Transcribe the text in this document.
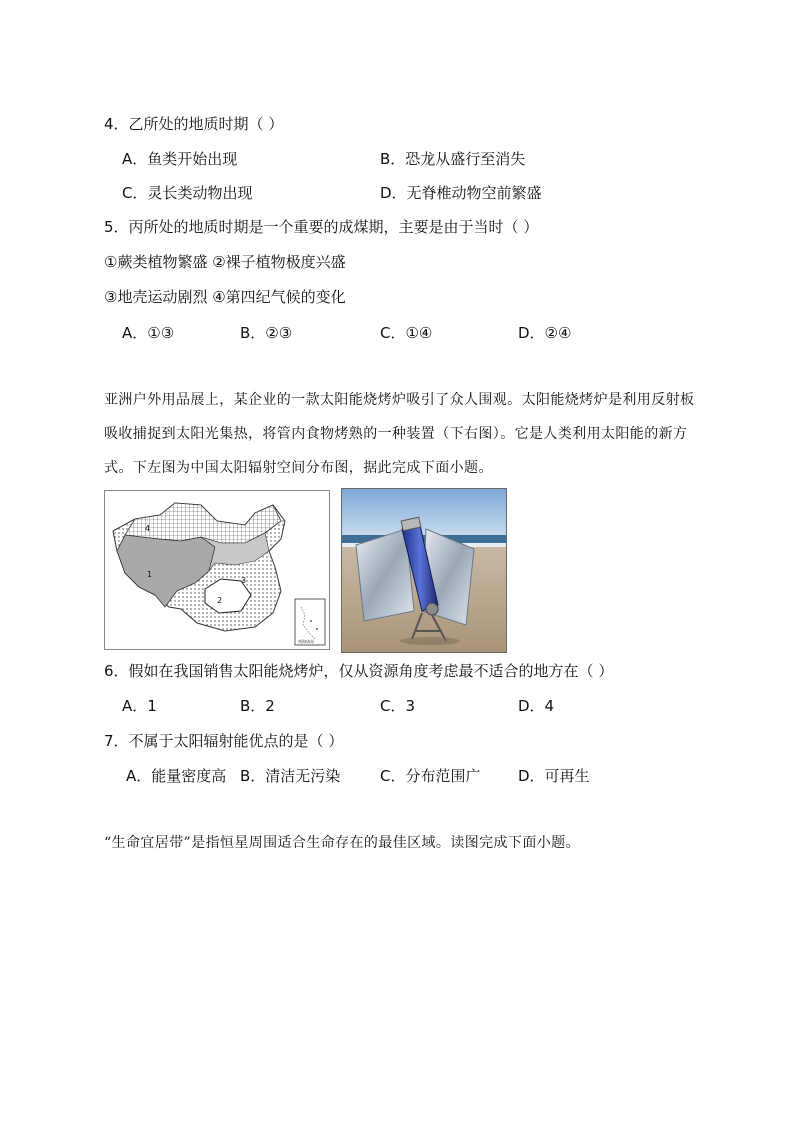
4．乙所处的地质时期（ ）
A．鱼类开始出现	B．恐龙从盛行至消失
C．灵长类动物出现	D．无脊椎动物空前繁盛
5．丙所处的地质时期是一个重要的成煤期，主要是由于当时（ ）
①蕨类植物繁盛 ②裸子植物极度兴盛
③地壳运动剧烈 ④第四纪气候的变化
A．①③	B．②③	C．①④	D．②④
亚洲户外用品展上，某企业的一款太阳能烧烤炉吸引了众人围观。太阳能烧烤炉是利用反射板吸收捕捉到太阳光集热，将管内食物烤熟的一种装置（下右图）。它是人类利用太阳能的新方式。下左图为中国太阳辐射空间分布图，据此完成下面小题。
1
2
3
4
南海诸岛
6．假如在我国销售太阳能烧烤炉，仅从资源角度考虑最不适合的地方在（ ）
A．1	B．2	C．3	D．4
7．不属于太阳辐射能优点的是（ ）
A．能量密度高 B．清洁无污染	C．分布范围广	D．可再生
“生命宜居带”是指恒星周围适合生命存在的最佳区域。读图完成下面小题。
